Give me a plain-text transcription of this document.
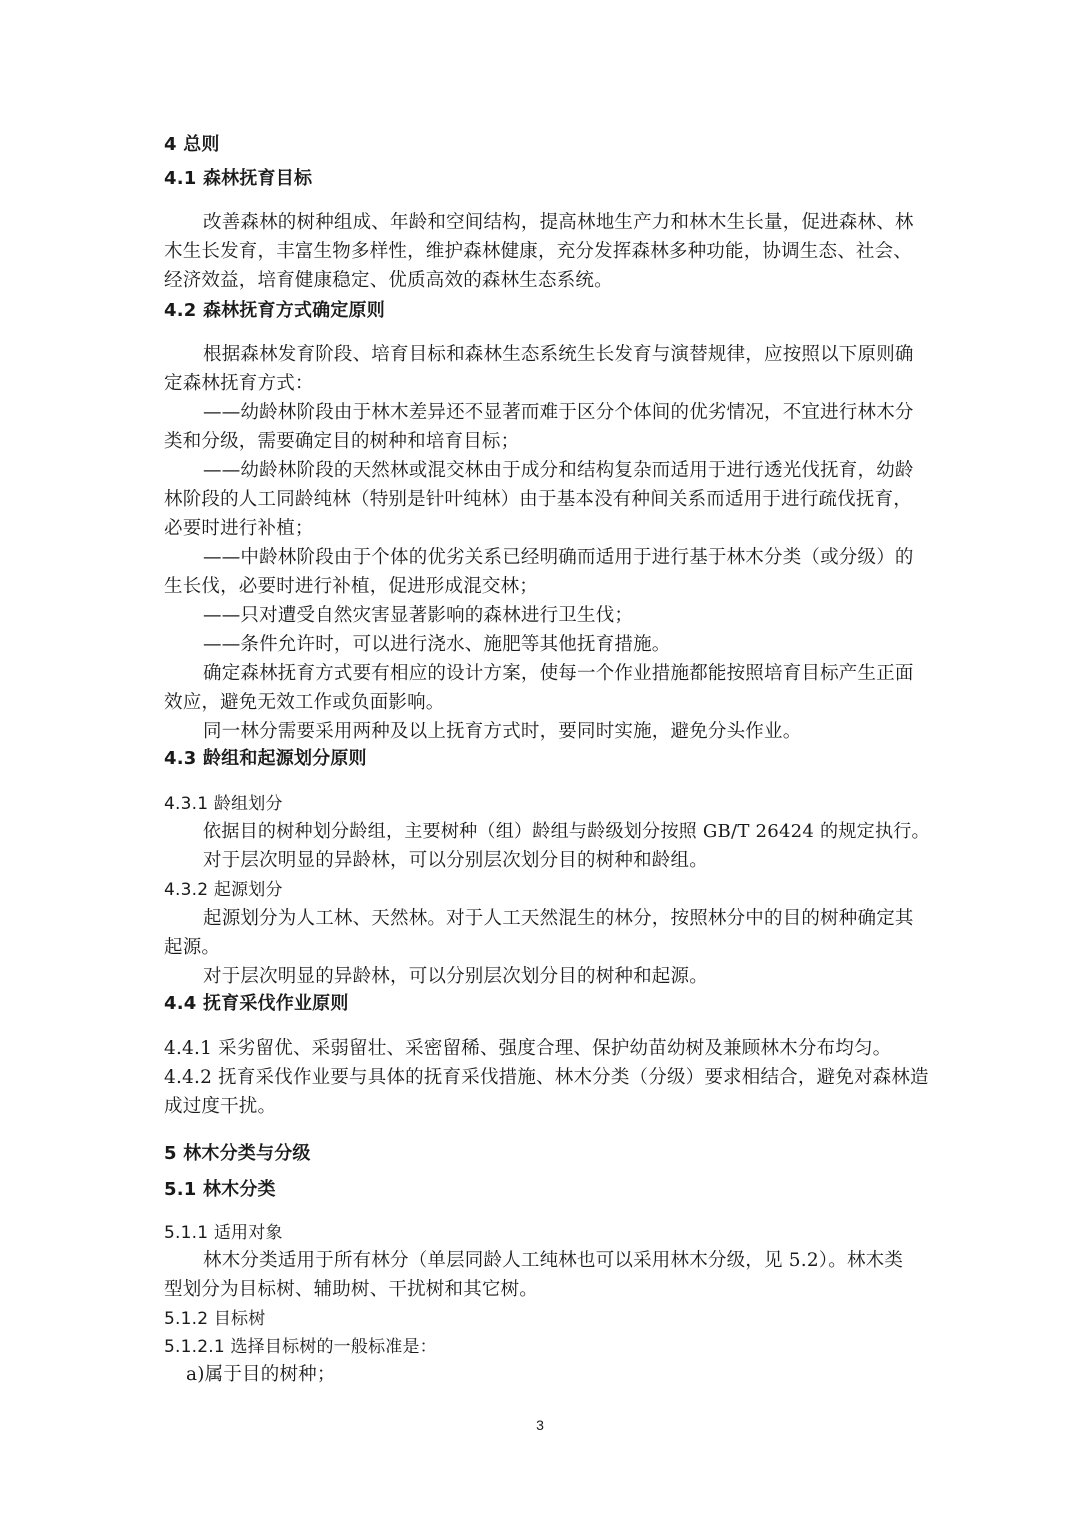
4 总则

4.1 森林抚育目标

改善森林的树种组成、年龄和空间结构，提高林地生产力和林木生长量，促进森林、林

木生长发育，丰富生物多样性，维护森林健康，充分发挥森林多种功能，协调生态、社会、

经济效益，培育健康稳定、优质高效的森林生态系统。

4.2 森林抚育方式确定原则

根据森林发育阶段、培育目标和森林生态系统生长发育与演替规律，应按照以下原则确

定森林抚育方式：

——幼龄林阶段由于林木差异还不显著而难于区分个体间的优劣情况，不宜进行林木分

类和分级，需要确定目的树种和培育目标；

——幼龄林阶段的天然林或混交林由于成分和结构复杂而适用于进行透光伐抚育，幼龄

林阶段的人工同龄纯林（特别是针叶纯林）由于基本没有种间关系而适用于进行疏伐抚育，

必要时进行补植；

——中龄林阶段由于个体的优劣关系已经明确而适用于进行基于林木分类（或分级）的

生长伐，必要时进行补植，促进形成混交林；

——只对遭受自然灾害显著影响的森林进行卫生伐；

——条件允许时，可以进行浇水、施肥等其他抚育措施。

确定森林抚育方式要有相应的设计方案，使每一个作业措施都能按照培育目标产生正面

效应，避免无效工作或负面影响。

同一林分需要采用两种及以上抚育方式时，要同时实施，避免分头作业。

4.3 龄组和起源划分原则

4.3.1 龄组划分

依据目的树种划分龄组，主要树种（组）龄组与龄级划分按照 GB/T 26424 的规定执行。

对于层次明显的异龄林，可以分别层次划分目的树种和龄组。

4.3.2 起源划分

起源划分为人工林、天然林。对于人工天然混生的林分，按照林分中的目的树种确定其

起源。

对于层次明显的异龄林，可以分别层次划分目的树种和起源。

4.4 抚育采伐作业原则

4.4.1 采劣留优、采弱留壮、采密留稀、强度合理、保护幼苗幼树及兼顾林木分布均匀。

4.4.2 抚育采伐作业要与具体的抚育采伐措施、林木分类（分级）要求相结合，避免对森林造

成过度干扰。

5 林木分类与分级

5.1 林木分类

5.1.1 适用对象

林木分类适用于所有林分（单层同龄人工纯林也可以采用林木分级，见 5.2）。林木类

型划分为目标树、辅助树、干扰树和其它树。

5.1.2 目标树

5.1.2.1 选择目标树的一般标准是：

a)属于目的树种；

3
